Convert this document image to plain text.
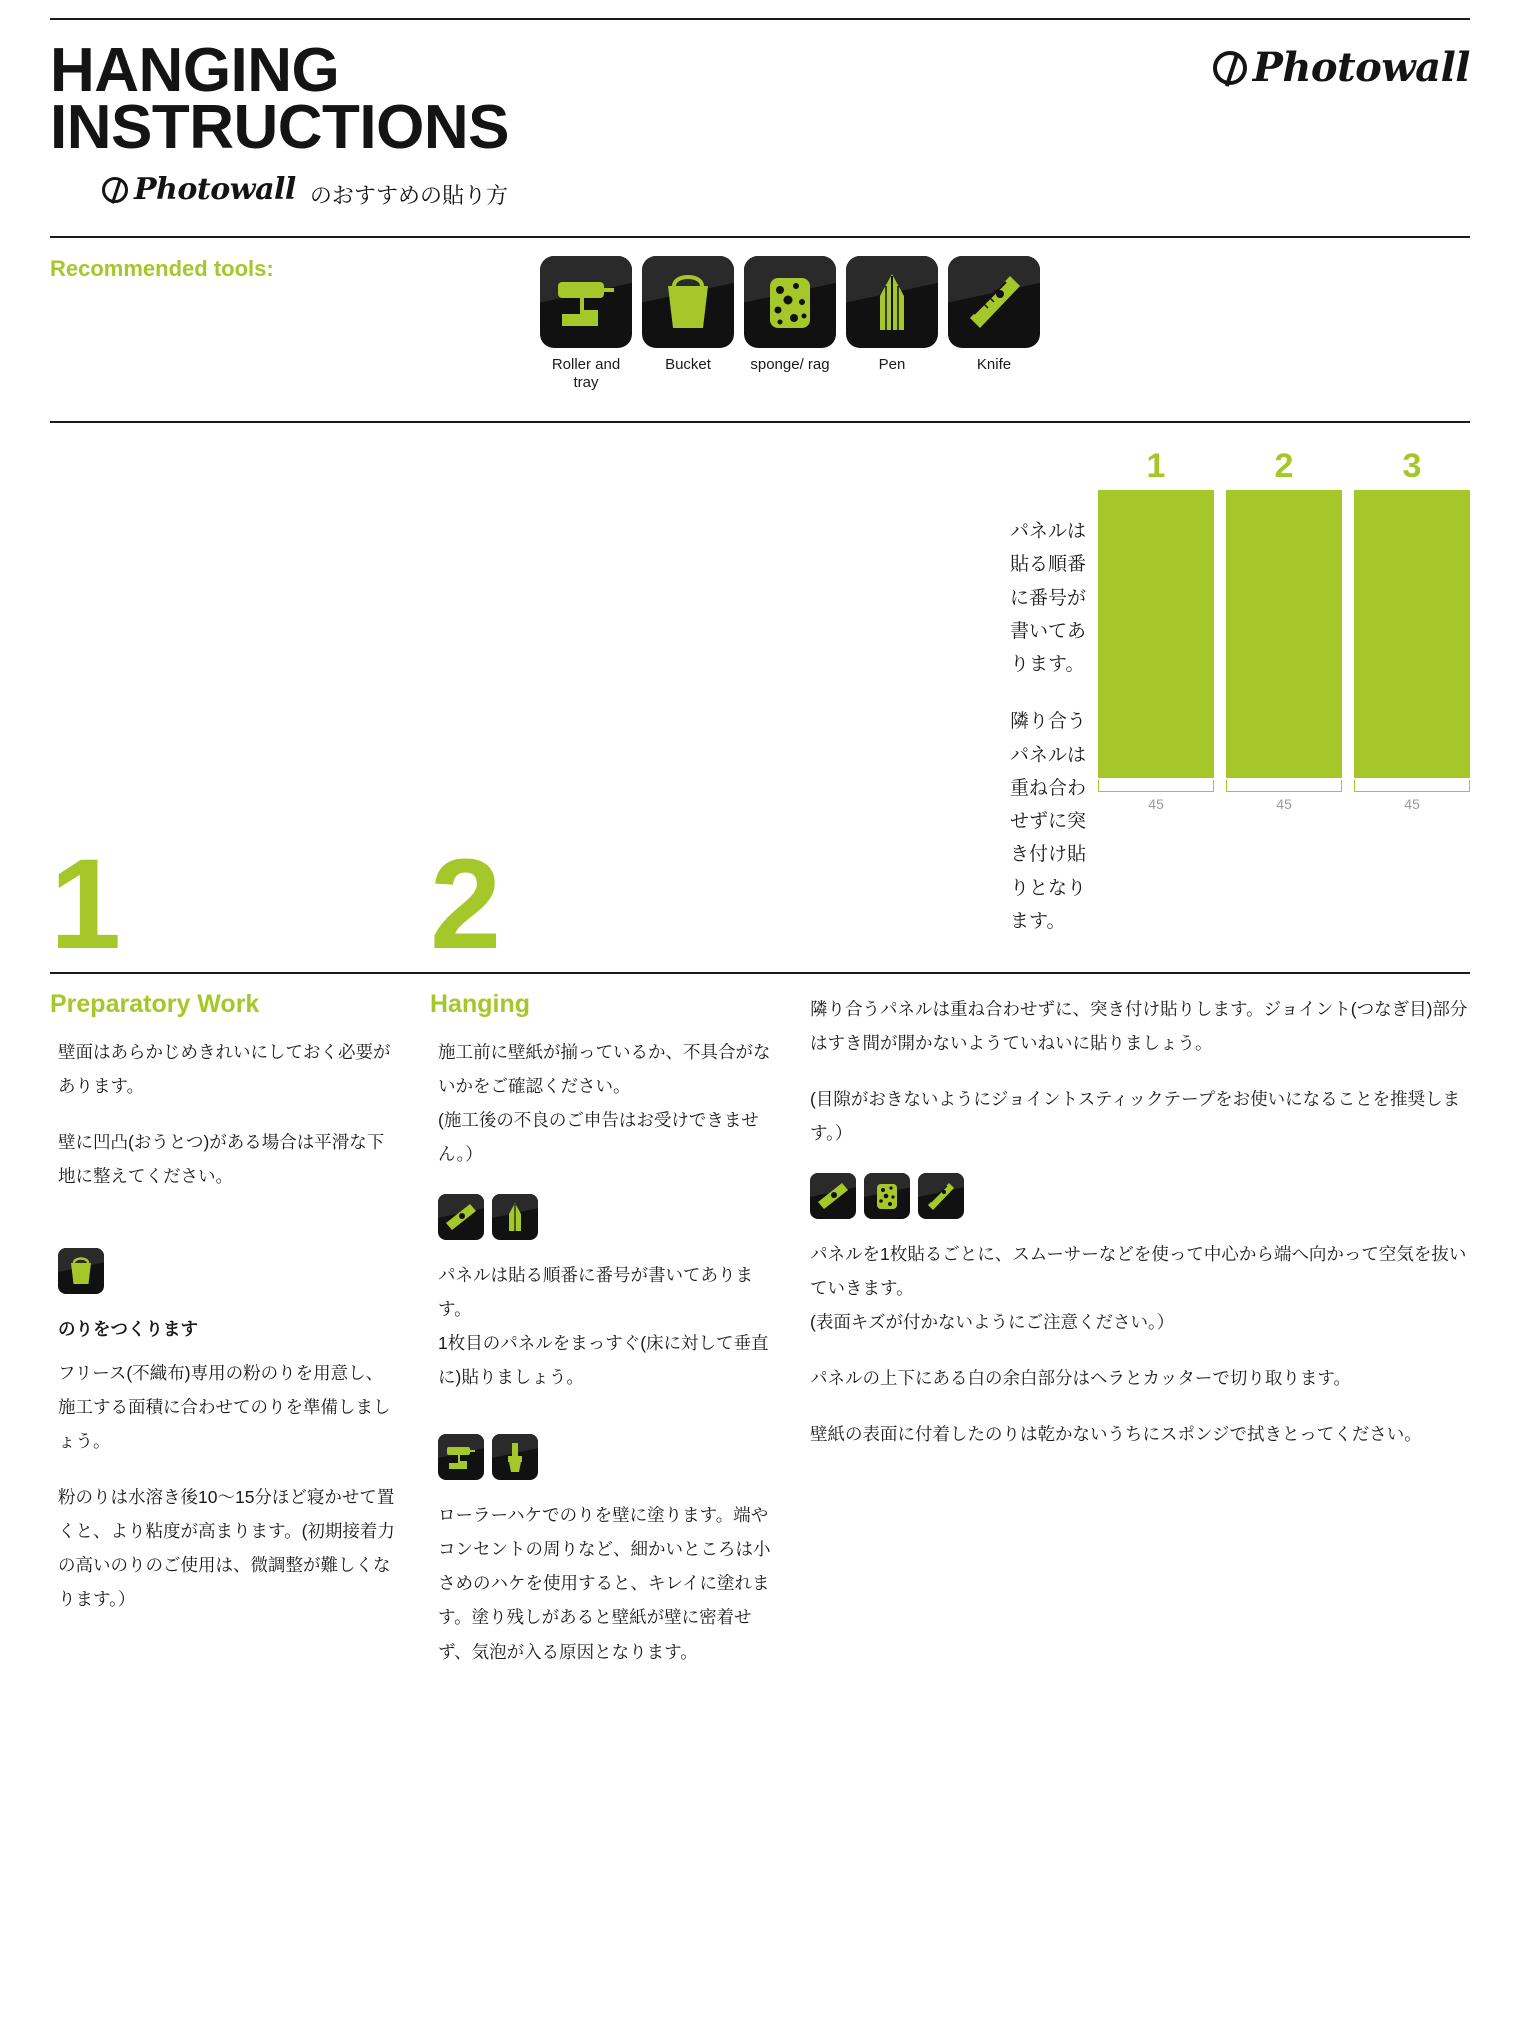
HANGING
INSTRUCTIONS
Photowall のおすすめの貼り方
Photowall
Recommended tools:
Roller and tray
Bucket	sponge/ rag	Pen	Knife
1 2

パネルは貼る順番に番号が書いてあります。

隣り合うパネルは重ね合わせずに突き付け貼りとなります。

1	2	3
45	45	45
Preparatory Work

壁面はあらかじめきれいにしておく必要があります。

壁に凹凸(おうとつ)がある場合は平滑な下地に整えてください。

のりをつくります

フリース(不織布)専用の粉のりを用意し、施工する面積に合わせてのりを準備しましょう。

粉のりは水溶き後10〜15分ほど寝かせて置くと、より粘度が高まります。(初期接着力の高いのりのご使用は、微調整が難しくなります。）

Hanging

施工前に壁紙が揃っているか、不具合がないかをご確認ください。

(施工後の不良のご申告はお受けできません。）

パネルは貼る順番に番号が書いてあります。

1枚目のパネルをまっすぐ(床に対して垂直に)貼りましょう。

ローラーハケでのりを壁に塗ります。端やコンセントの周りなど、細かいところは小さめのハケを使用すると、キレイに塗れます。塗り残しがあると壁紙が壁に密着せず、気泡が入る原因となります。

隣り合うパネルは重ね合わせずに、突き付け貼りします。ジョイント(つなぎ目)部分はすき間が開かないようていねいに貼りましょう。

(目隙がおきないようにジョイントスティックテープをお使いになることを推奨します。）

パネルを1枚貼るごとに、スムーサーなどを使って中心から端へ向かって空気を抜いていきます。

(表面キズが付かないようにご注意ください。）

パネルの上下にある白の余白部分はヘラとカッターで切り取ります。

壁紙の表面に付着したのりは乾かないうちにスポンジで拭きとってください。
